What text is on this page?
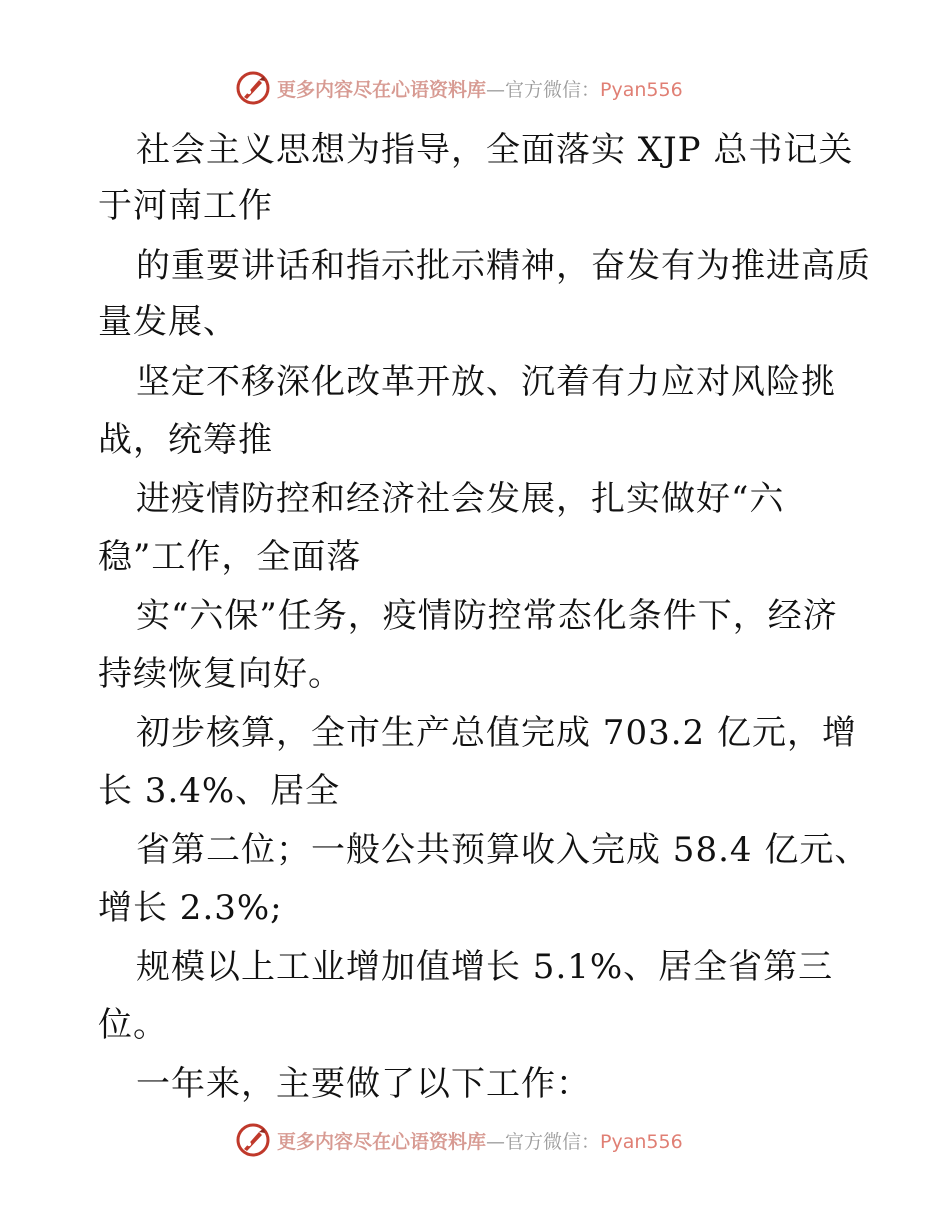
更多内容尽在心语资料库—官方微信：Pyan556
社会主义思想为指导，全面落实 XJP 总书记关
于河南工作
的重要讲话和指示批示精神，奋发有为推进高质
量发展、
坚定不移深化改革开放、沉着有力应对风险挑
战，统筹推
进疫情防控和经济社会发展，扎实做好“六
稳”工作，全面落
实“六保”任务，疫情防控常态化条件下，经济
持续恢复向好。
初步核算，全市生产总值完成 703.2 亿元，增
长 3.4%、居全
省第二位；一般公共预算收入完成 58.4 亿元、
增长 2.3%;
规模以上工业增加值增长 5.1%、居全省第三
位。
一年来，主要做了以下工作：
更多内容尽在心语资料库—官方微信：Pyan556
